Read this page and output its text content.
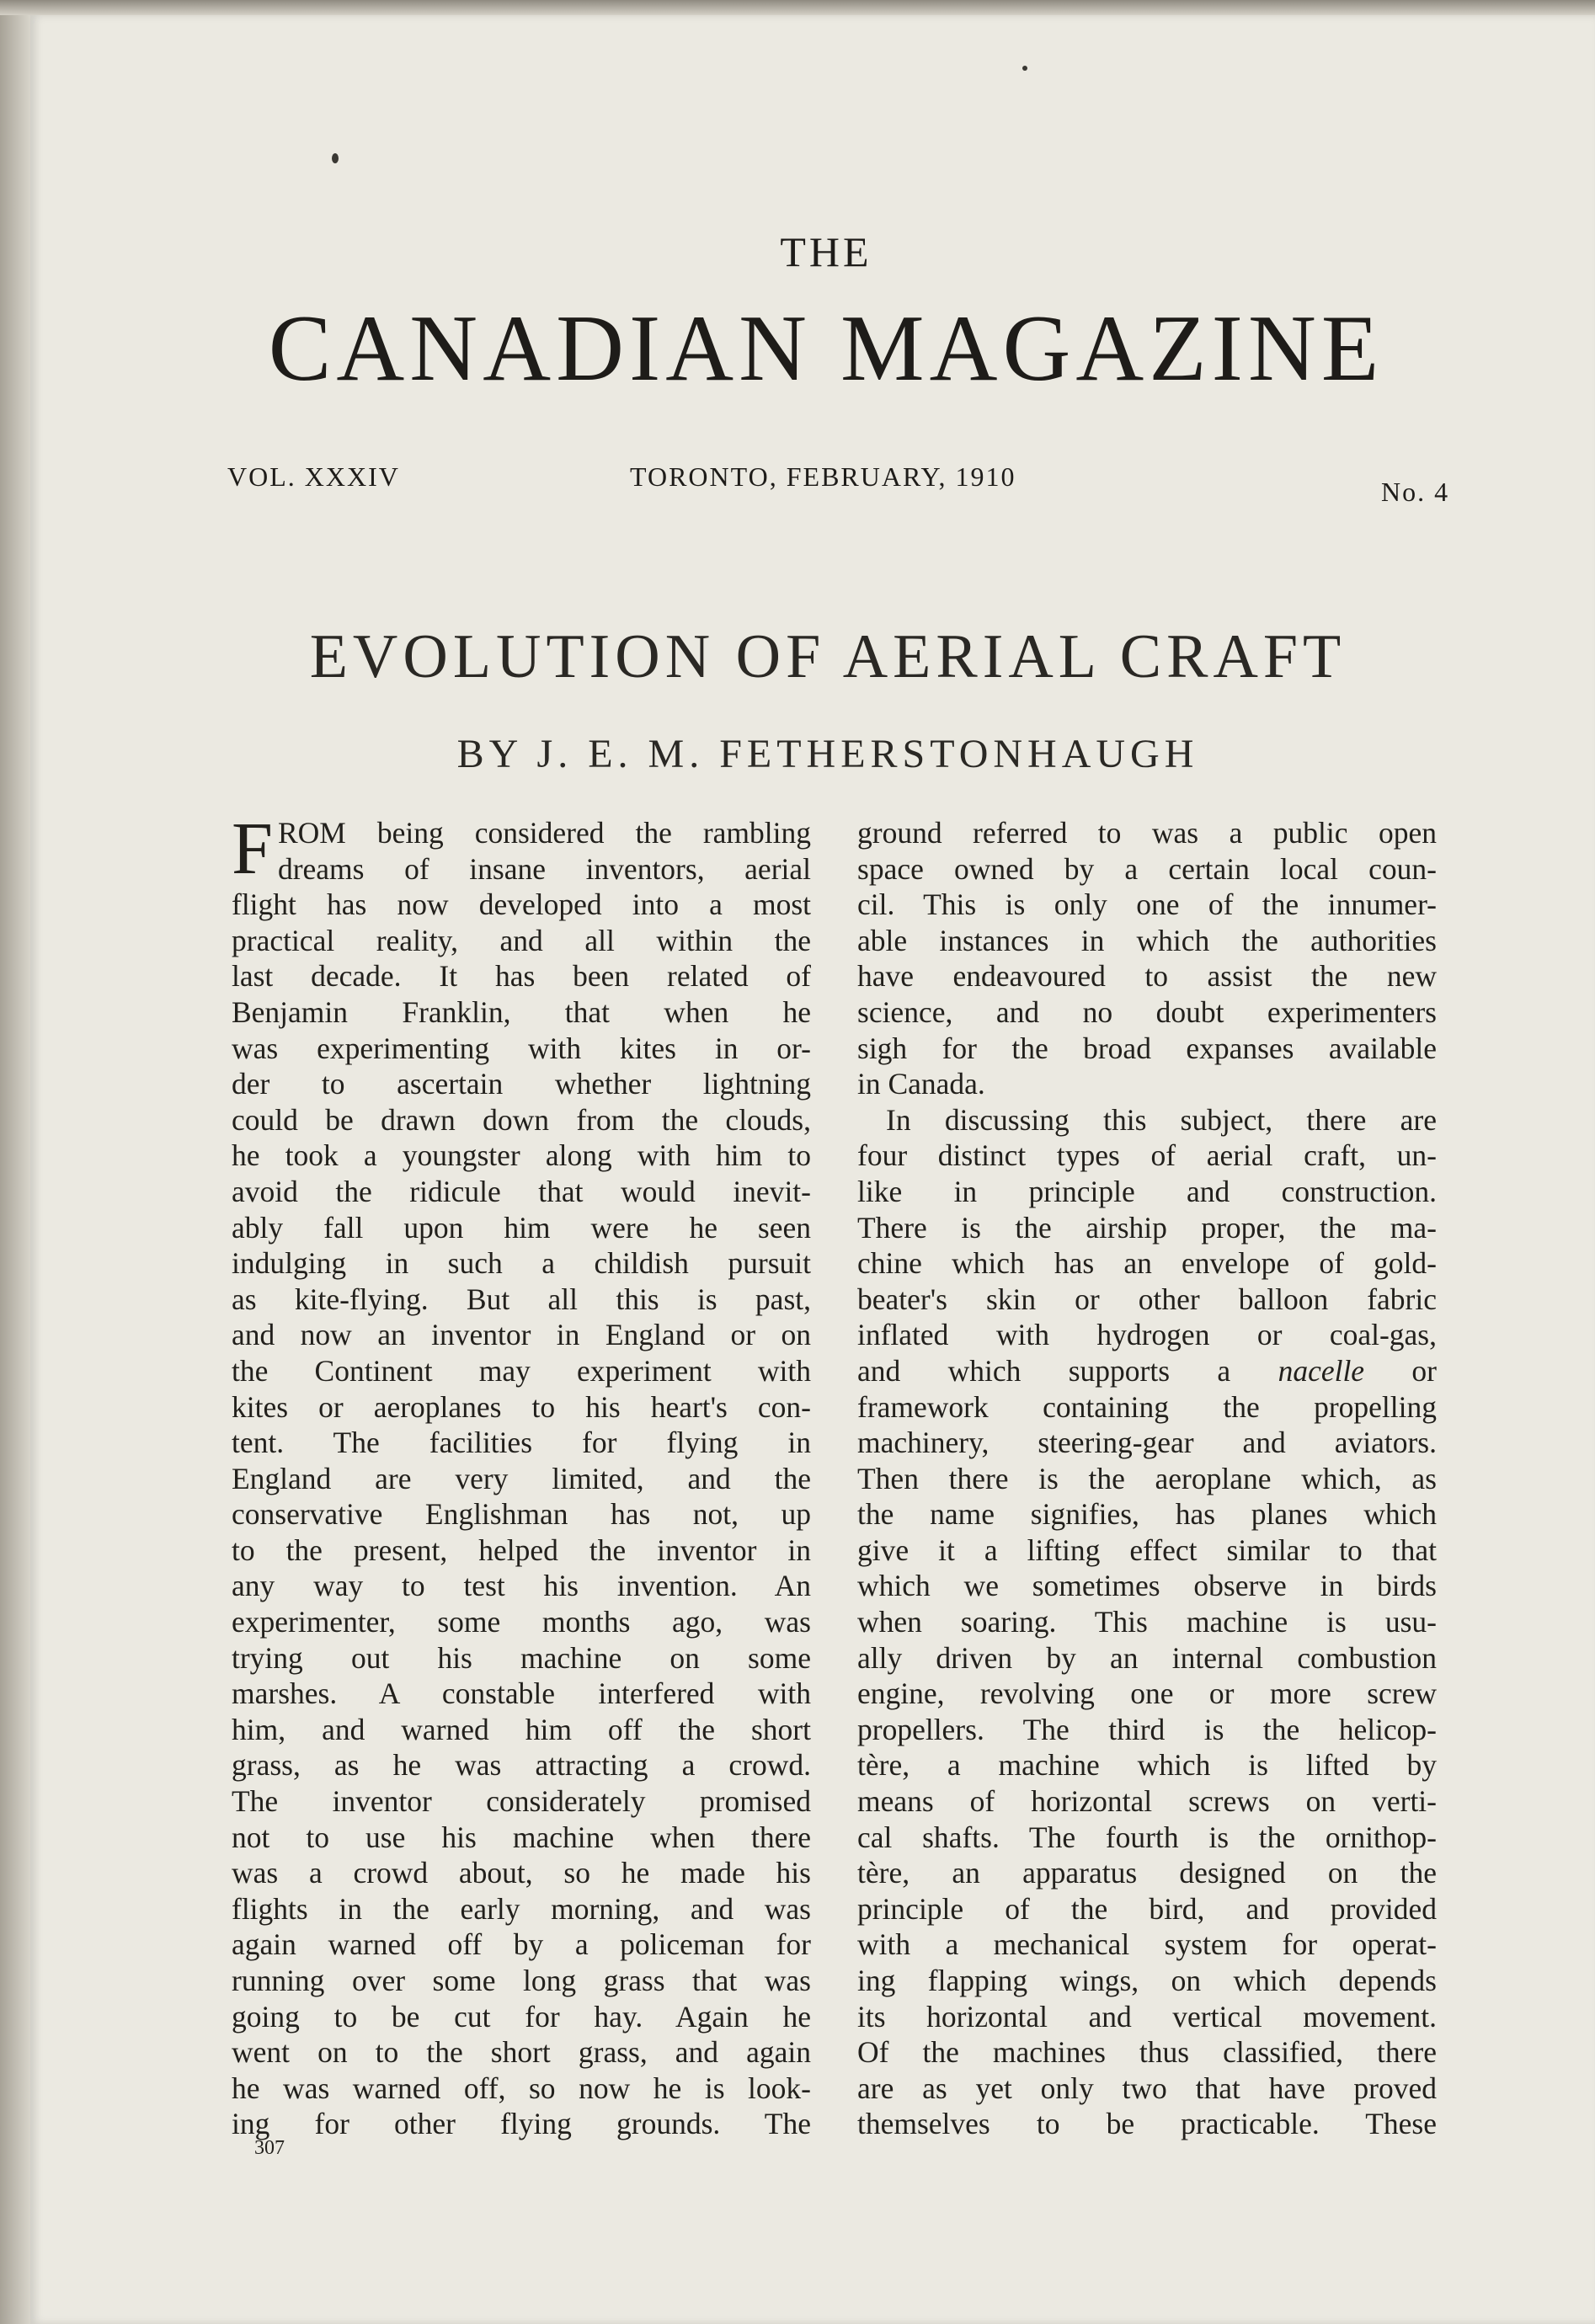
THE
CANADIAN MAGAZINE
VOL. XXXIV	TORONTO, FEBRUARY, 1910	No. 4
EVOLUTION OF AERIAL CRAFT
BY J. E. M. FETHERSTONHAUGH
F ROM being considered the rambling
dreams of insane inventors, aerial
flight has now developed into a most
practical reality, and all within the
last decade. It has been related of
Benjamin Franklin, that when he
was experimenting with kites in or-
der to ascertain whether lightning
could be drawn down from the clouds,
he took a youngster along with him to
avoid the ridicule that would inevit-
ably fall upon him were he seen
indulging in such a childish pursuit
as kite-flying. But all this is past,
and now an inventor in England or on
the Continent may experiment with
kites or aeroplanes to his heart's con-
tent. The facilities for flying in
England are very limited, and the
conservative Englishman has not, up
to the present, helped the inventor in
any way to test his invention. An
experimenter, some months ago, was
trying out his machine on some
marshes. A constable interfered with
him, and warned him off the short
grass, as he was attracting a crowd.
The inventor considerately promised
not to use his machine when there
was a crowd about, so he made his
flights in the early morning, and was
again warned off by a policeman for
running over some long grass that was
going to be cut for hay. Again he
went on to the short grass, and again
he was warned off, so now he is look-
ing for other flying grounds. The
ground referred to was a public open
space owned by a certain local coun-
cil. This is only one of the innumer-
able instances in which the authorities
have endeavoured to assist the new
science, and no doubt experimenters
sigh for the broad expanses available
in Canada.
In discussing this subject, there are
four distinct types of aerial craft, un-
like in principle and construction.
There is the airship proper, the ma-
chine which has an envelope of gold-
beater's skin or other balloon fabric
inflated with hydrogen or coal-gas,
and which supports a nacelle or
framework containing the propelling
machinery, steering-gear and aviators.
Then there is the aeroplane which, as
the name signifies, has planes which
give it a lifting effect similar to that
which we sometimes observe in birds
when soaring. This machine is usu-
ally driven by an internal combustion
engine, revolving one or more screw
propellers. The third is the helicop-
tère, a machine which is lifted by
means of horizontal screws on verti-
cal shafts. The fourth is the ornithop-
tère, an apparatus designed on the
principle of the bird, and provided
with a mechanical system for operat-
ing flapping wings, on which depends
its horizontal and vertical movement.
Of the machines thus classified, there
are as yet only two that have proved
themselves to be practicable. These
307
